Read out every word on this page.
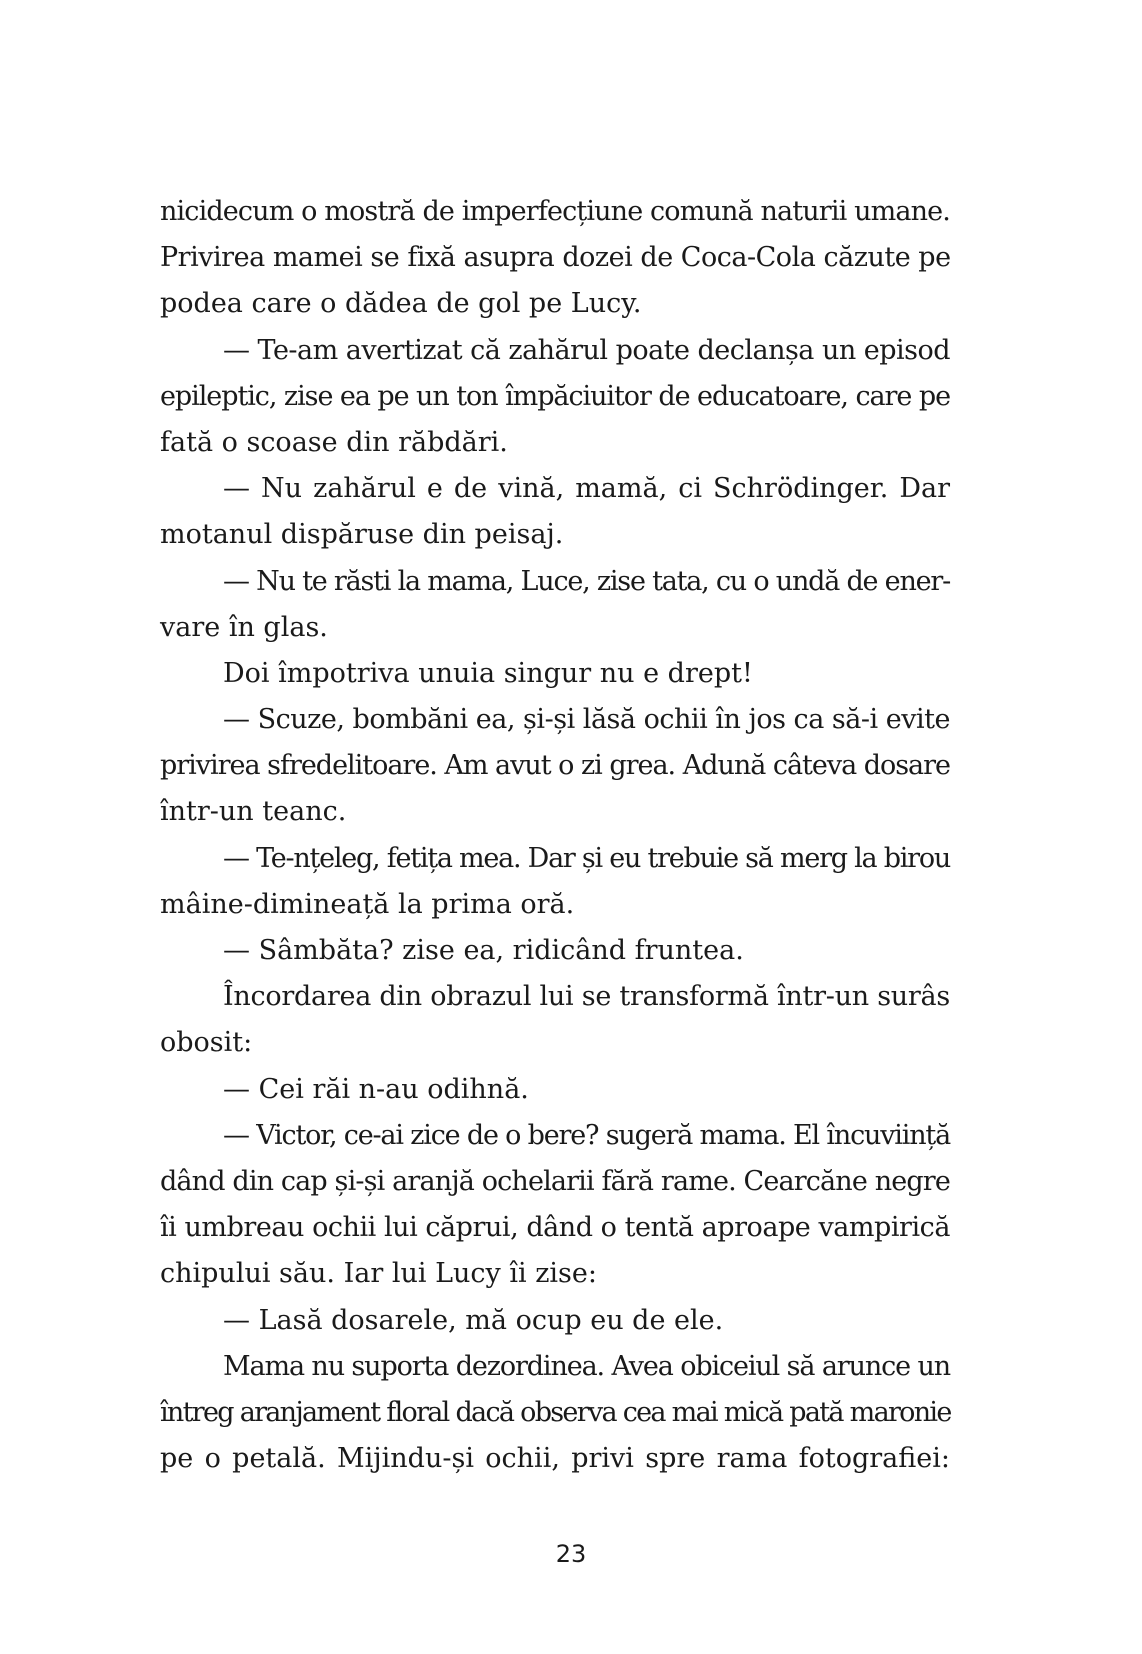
nicidecum o mostră de imperfecțiune comună naturii umane.
Privirea mamei se fixă asupra dozei de Coca-Cola căzute pe
podea care o dădea de gol pe Lucy.
— Te-am avertizat că zahărul poate declanșa un episod
epileptic, zise ea pe un ton împăciuitor de educatoare, care pe
fată o scoase din răbdări.
— Nu zahărul e de vină, mamă, ci Schrödinger. Dar
motanul dispăruse din peisaj.
— Nu te răsti la mama, Luce, zise tata, cu o undă de ener-
vare în glas.
Doi împotriva unuia singur nu e drept!
— Scuze, bombăni ea, și-și lăsă ochii în jos ca să-i evite
privirea sfredelitoare. Am avut o zi grea. Adună câteva dosare
într-un teanc.
— Te-nțeleg, fetița mea. Dar și eu trebuie să merg la birou
mâine-dimineață la prima oră.
— Sâmbăta? zise ea, ridicând fruntea.
Încordarea din obrazul lui se transformă într-un surâs
obosit:
— Cei răi n-au odihnă.
— Victor, ce-ai zice de o bere? sugeră mama. El încuviință
dând din cap și-și aranjă ochelarii fără rame. Cearcăne negre
îi umbreau ochii lui căprui, dând o tentă aproape vampirică
chipului său. Iar lui Lucy îi zise:
— Lasă dosarele, mă ocup eu de ele.
Mama nu suporta dezordinea. Avea obiceiul să arunce un
întreg aranjament floral dacă observa cea mai mică pată maronie
pe o petală. Mijindu-și ochii, privi spre rama fotografiei:
23
